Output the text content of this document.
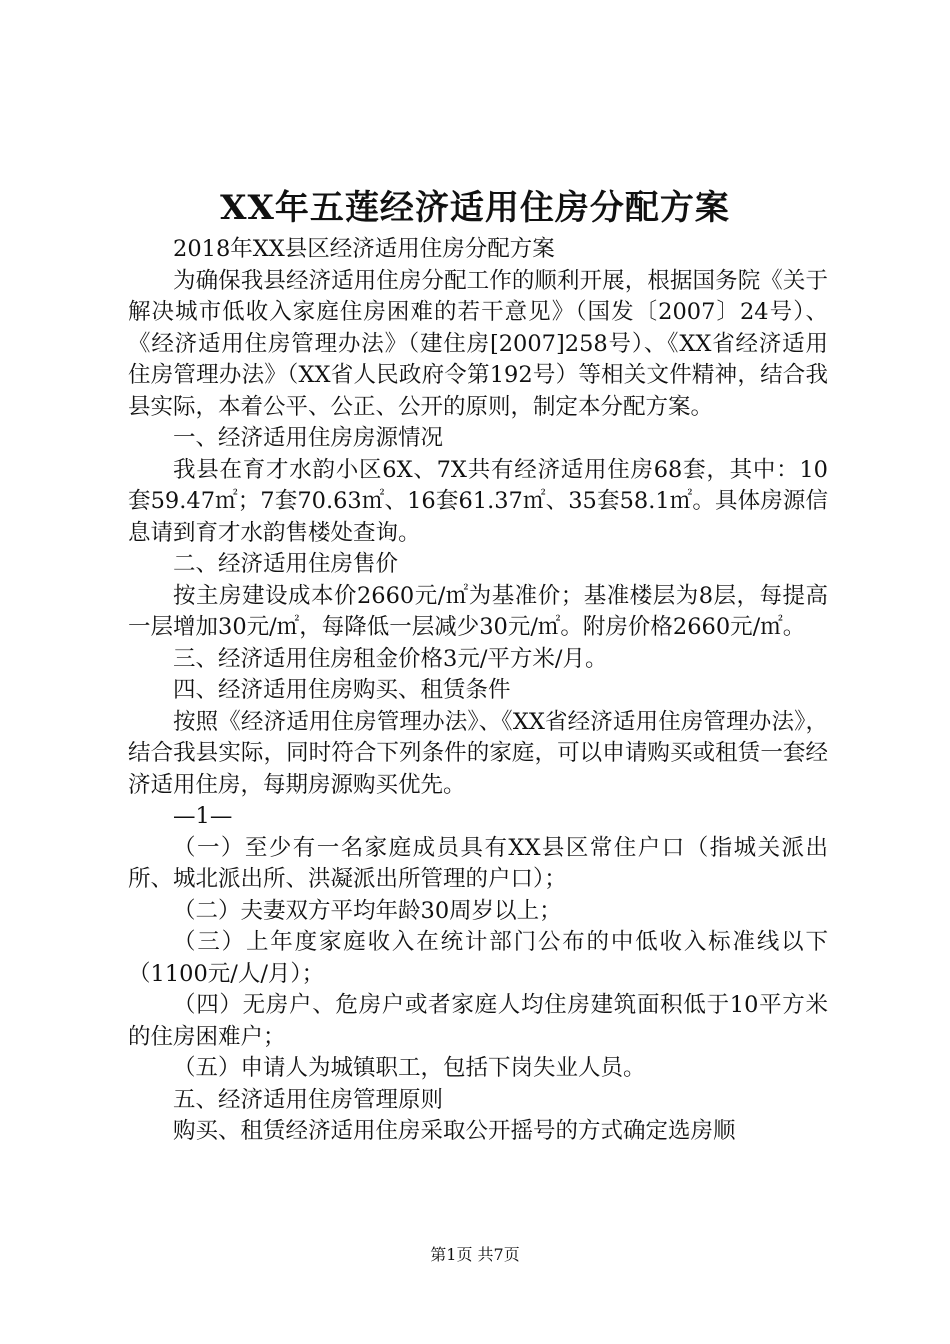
XX年五莲经济适用住房分配方案

2018年XX县区经济适用住房分配方案

为确保我县经济适用住房分配工作的顺利开展，根据国务院《关于解决城市低收入家庭住房困难的若干意见》（国发〔2007〕24号）、《经济适用住房管理办法》（建住房[2007]258号）、《XX省经济适用住房管理办法》（XX省人民政府令第192号）等相关文件精神，结合我县实际，本着公平、公正、公开的原则，制定本分配方案。

一、经济适用住房房源情况

我县在育才水韵小区6X、7X共有经济适用住房68套，其中：10套59.47㎡；7套70.63㎡、16套61.37㎡、35套58.1㎡。具体房源信息请到育才水韵售楼处查询。

二、经济适用住房售价

按主房建设成本价2660元/㎡为基准价；基准楼层为8层，每提高一层增加30元/㎡，每降低一层减少30元/㎡。附房价格2660元/㎡。

三、经济适用住房租金价格3元/平方米/月。

四、经济适用住房购买、租赁条件

按照《经济适用住房管理办法》、《XX省经济适用住房管理办法》，结合我县实际，同时符合下列条件的家庭，可以申请购买或租赁一套经济适用住房，每期房源购买优先。

—1—

（一）至少有一名家庭成员具有XX县区常住户口（指城关派出所、城北派出所、洪凝派出所管理的户口）；

（二）夫妻双方平均年龄30周岁以上；

（三）上年度家庭收入在统计部门公布的中低收入标准线以下（1100元/人/月）；

（四）无房户、危房户或者家庭人均住房建筑面积低于10平方米的住房困难户；

（五）申请人为城镇职工，包括下岗失业人员。

五、经济适用住房管理原则

购买、租赁经济适用住房采取公开摇号的方式确定选房顺

第1页 共7页
